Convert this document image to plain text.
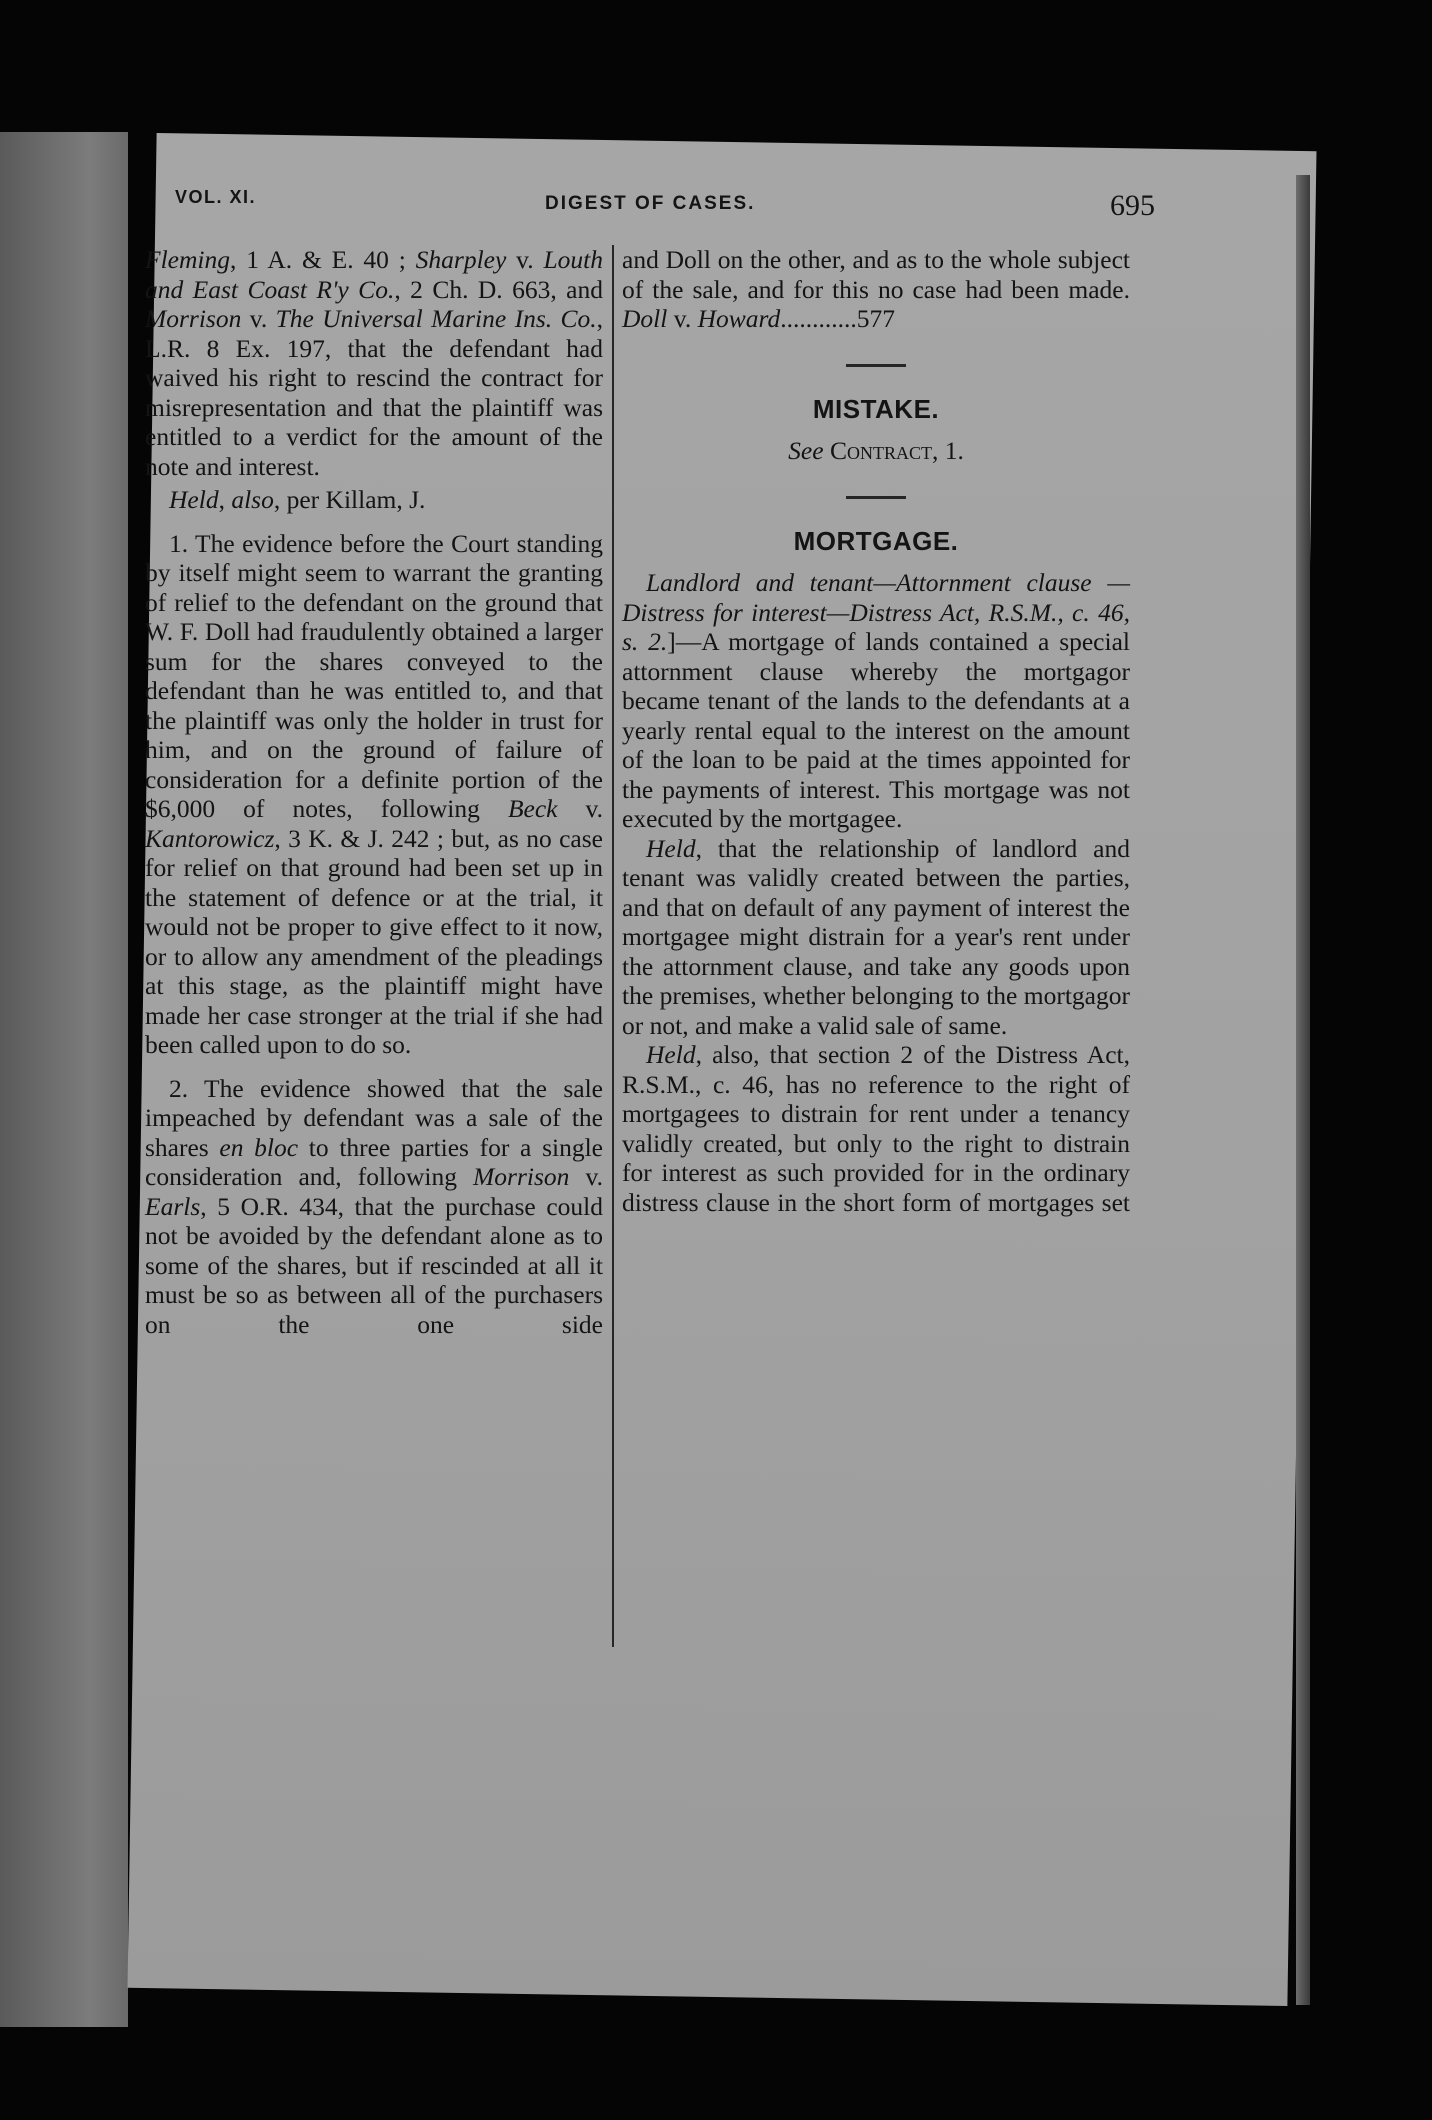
VOL. XI.	DIGEST OF CASES.	695

Fleming, 1 A. & E. 40 ; Sharpley v. Louth and East Coast R'y Co., 2 Ch. D. 663, and Morrison v. The Universal Marine Ins. Co., L.R. 8 Ex. 197, that the defendant had waived his right to rescind the contract for misrepresentation and that the plaintiff was entitled to a verdict for the amount of the note and interest.

Held, also, per Killam, J.

1. The evidence before the Court standing by itself might seem to warrant the granting of relief to the defendant on the ground that W. F. Doll had fraudulently obtained a larger sum for the shares conveyed to the defendant than he was entitled to, and that the plaintiff was only the holder in trust for him, and on the ground of failure of consideration for a definite portion of the $6,000 of notes, following Beck v. Kantorowicz, 3 K. & J. 242 ; but, as no case for relief on that ground had been set up in the statement of defence or at the trial, it would not be proper to give effect to it now, or to allow any amendment of the pleadings at this stage, as the plaintiff might have made her case stronger at the trial if she had been called upon to do so.

2. The evidence showed that the sale impeached by defendant was a sale of the shares en bloc to three parties for a single consideration and, following Morrison v. Earls, 5 O.R. 434, that the purchase could not be avoided by the defendant alone as to some of the shares, but if rescinded at all it must be so as between all of the purchasers on the one side

and Doll on the other, and as to the whole subject of the sale, and for this no case had been made. Doll v. Howard............577

MISTAKE.

See Contract, 1.

MORTGAGE.

Landlord and tenant—Attornment clause — Distress for interest—Distress Act, R.S.M., c. 46, s. 2.]—A mortgage of lands contained a special attornment clause whereby the mortgagor became tenant of the lands to the defendants at a yearly rental equal to the interest on the amount of the loan to be paid at the times appointed for the payments of interest. This mortgage was not executed by the mortgagee.

Held, that the relationship of landlord and tenant was validly created between the parties, and that on default of any payment of interest the mortgagee might distrain for a year's rent under the attornment clause, and take any goods upon the premises, whether belonging to the mortgagor or not, and make a valid sale of same.

Held, also, that section 2 of the Distress Act, R.S.M., c. 46, has no reference to the right of mortgagees to distrain for rent under a tenancy validly created, but only to the right to distrain for interest as such provided for in the ordinary distress clause in the short form of mortgages set
